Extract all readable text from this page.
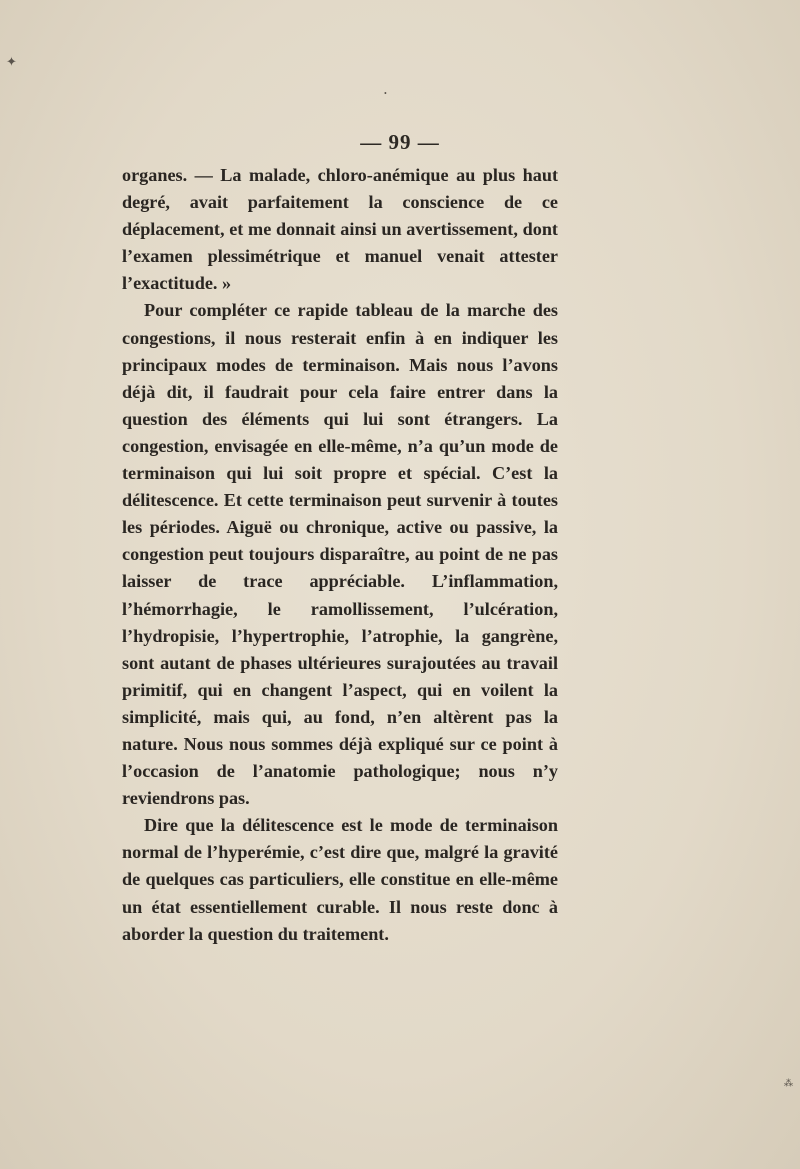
✦
•
⁂
— 99 —

organes. — La malade, chloro-anémique au plus haut degré, avait parfaitement la conscience de ce déplacement, et me donnait ainsi un avertissement, dont l’examen plessimétrique et manuel venait attester l’exactitude. »

Pour compléter ce rapide tableau de la marche des congestions, il nous resterait enfin à en indiquer les principaux modes de terminaison. Mais nous l’avons déjà dit, il faudrait pour cela faire entrer dans la question des éléments qui lui sont étrangers. La congestion, envisagée en elle-même, n’a qu’un mode de terminaison qui lui soit propre et spécial. C’est la délitescence. Et cette terminaison peut survenir à toutes les périodes. Aiguë ou chronique, active ou passive, la congestion peut toujours disparaître, au point de ne pas laisser de trace appréciable. L’inflammation, l’hémorrhagie, le ramollissement, l’ulcération, l’hydropisie, l’hypertrophie, l’atrophie, la gangrène, sont autant de phases ultérieures surajoutées au travail primitif, qui en changent l’aspect, qui en voilent la simplicité, mais qui, au fond, n’en altèrent pas la nature. Nous nous sommes déjà expliqué sur ce point à l’occasion de l’anatomie pathologique; nous n’y reviendrons pas.

Dire que la délitescence est le mode de terminaison normal de l’hyperémie, c’est dire que, malgré la gravité de quelques cas particuliers, elle constitue en elle-même un état essentiellement curable. Il nous reste donc à aborder la question du traitement.
